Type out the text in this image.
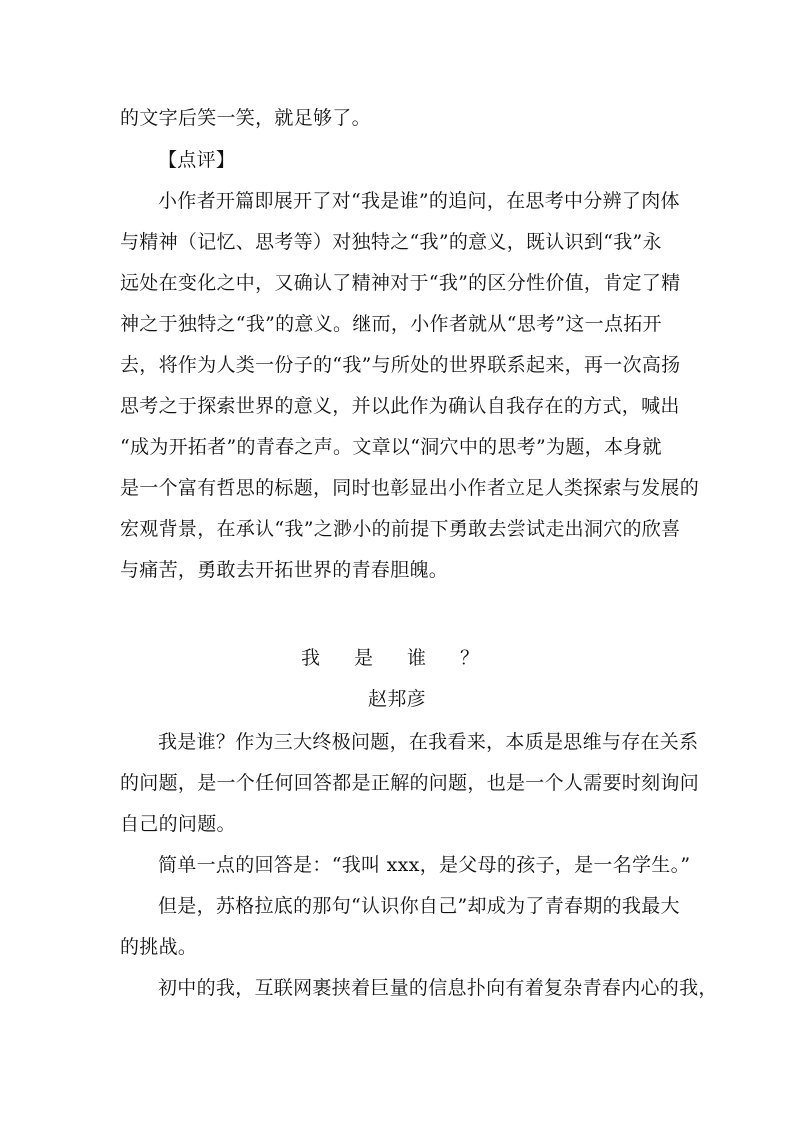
的文字后笑一笑，就足够了。
【点评】
小作者开篇即展开了对“我是谁”的追问，在思考中分辨了肉体
与精神（记忆、思考等）对独特之“我”的意义，既认识到“我”永
远处在变化之中，又确认了精神对于“我”的区分性价值，肯定了精
神之于独特之“我”的意义。继而，小作者就从“思考”这一点拓开
去，将作为人类一份子的“我”与所处的世界联系起来，再一次高扬
思考之于探索世界的意义，并以此作为确认自我存在的方式，喊出
“成为开拓者”的青春之声。文章以“洞穴中的思考”为题，本身就
是一个富有哲思的标题，同时也彰显出小作者立足人类探索与发展的
宏观背景，在承认“我”之渺小的前提下勇敢去尝试走出洞穴的欣喜
与痛苦，勇敢去开拓世界的青春胆魄。
我 是 谁 ？
赵邦彦
我是谁？作为三大终极问题，在我看来，本质是思维与存在关系
的问题，是一个任何回答都是正解的问题，也是一个人需要时刻询问
自己的问题。
简单一点的回答是：“我叫 xxx，是父母的孩子，是一名学生。”
但是，苏格拉底的那句“认识你自己”却成为了青春期的我最大
的挑战。
初中的我，互联网裹挟着巨量的信息扑向有着复杂青春内心的我，
